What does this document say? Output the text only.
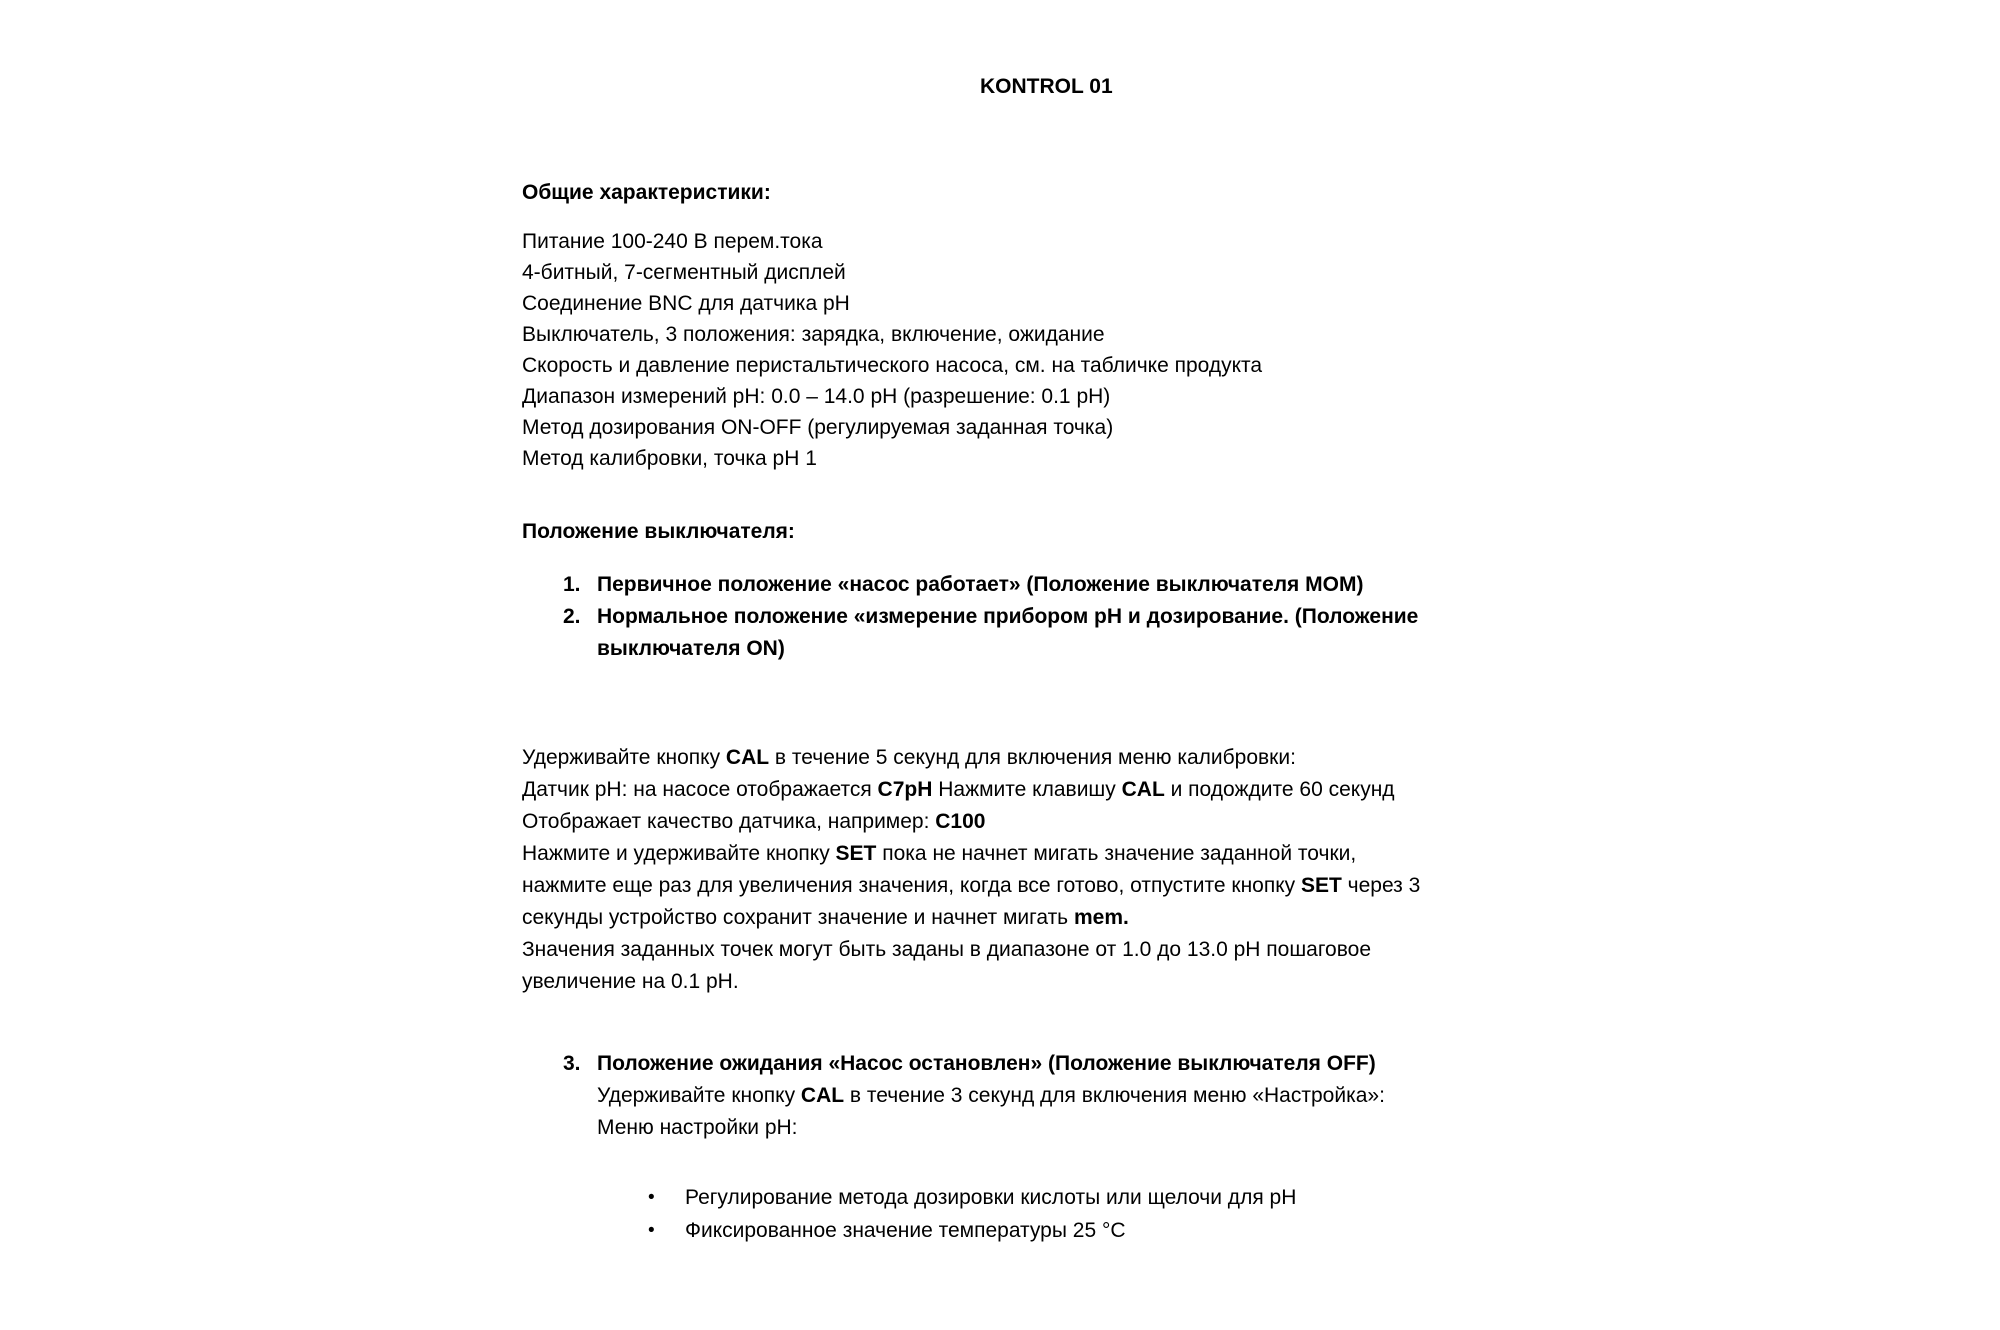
KONTROL 01
Общие характеристики:
Питание 100-240 В перем.тока
4-битный, 7-сегментный дисплей
Соединение BNC для датчика pH
Выключатель, 3 положения: зарядка, включение, ожидание
Скорость и давление перистальтического насоса, см. на табличке продукта
Диапазон измерений pH: 0.0 – 14.0 pH (разрешение: 0.1 pH)
Метод дозирования ON-OFF (регулируемая заданная точка)
Метод калибровки, точка pH 1
Положение выключателя:
1. Первичное положение «насос работает» (Положение выключателя MOM)
2. Нормальное положение «измерение прибором pH и дозирование. (Положение
выключателя ON)
Удерживайте кнопку CAL в течение 5 секунд для включения меню калибровки:
Датчик pH: на насосе отображается C7pH Нажмите клавишу CAL и подождите 60 секунд
Отображает качество датчика, например: C100
Нажмите и удерживайте кнопку SET пока не начнет мигать значение заданной точки,
нажмите еще раз для увеличения значения, когда все готово, отпустите кнопку SET через 3
секунды устройство сохранит значение и начнет мигать mem.
Значения заданных точек могут быть заданы в диапазоне от 1.0 до 13.0 pH пошаговое
увеличение на 0.1 pH.
3. Положение ожидания «Насос остановлен» (Положение выключателя OFF)
Удерживайте кнопку CAL в течение 3 секунд для включения меню «Настройка»:
Меню настройки pH:
•	Регулирование метода дозировки кислоты или щелочи для pH
•	Фиксированное значение температуры 25 °C
